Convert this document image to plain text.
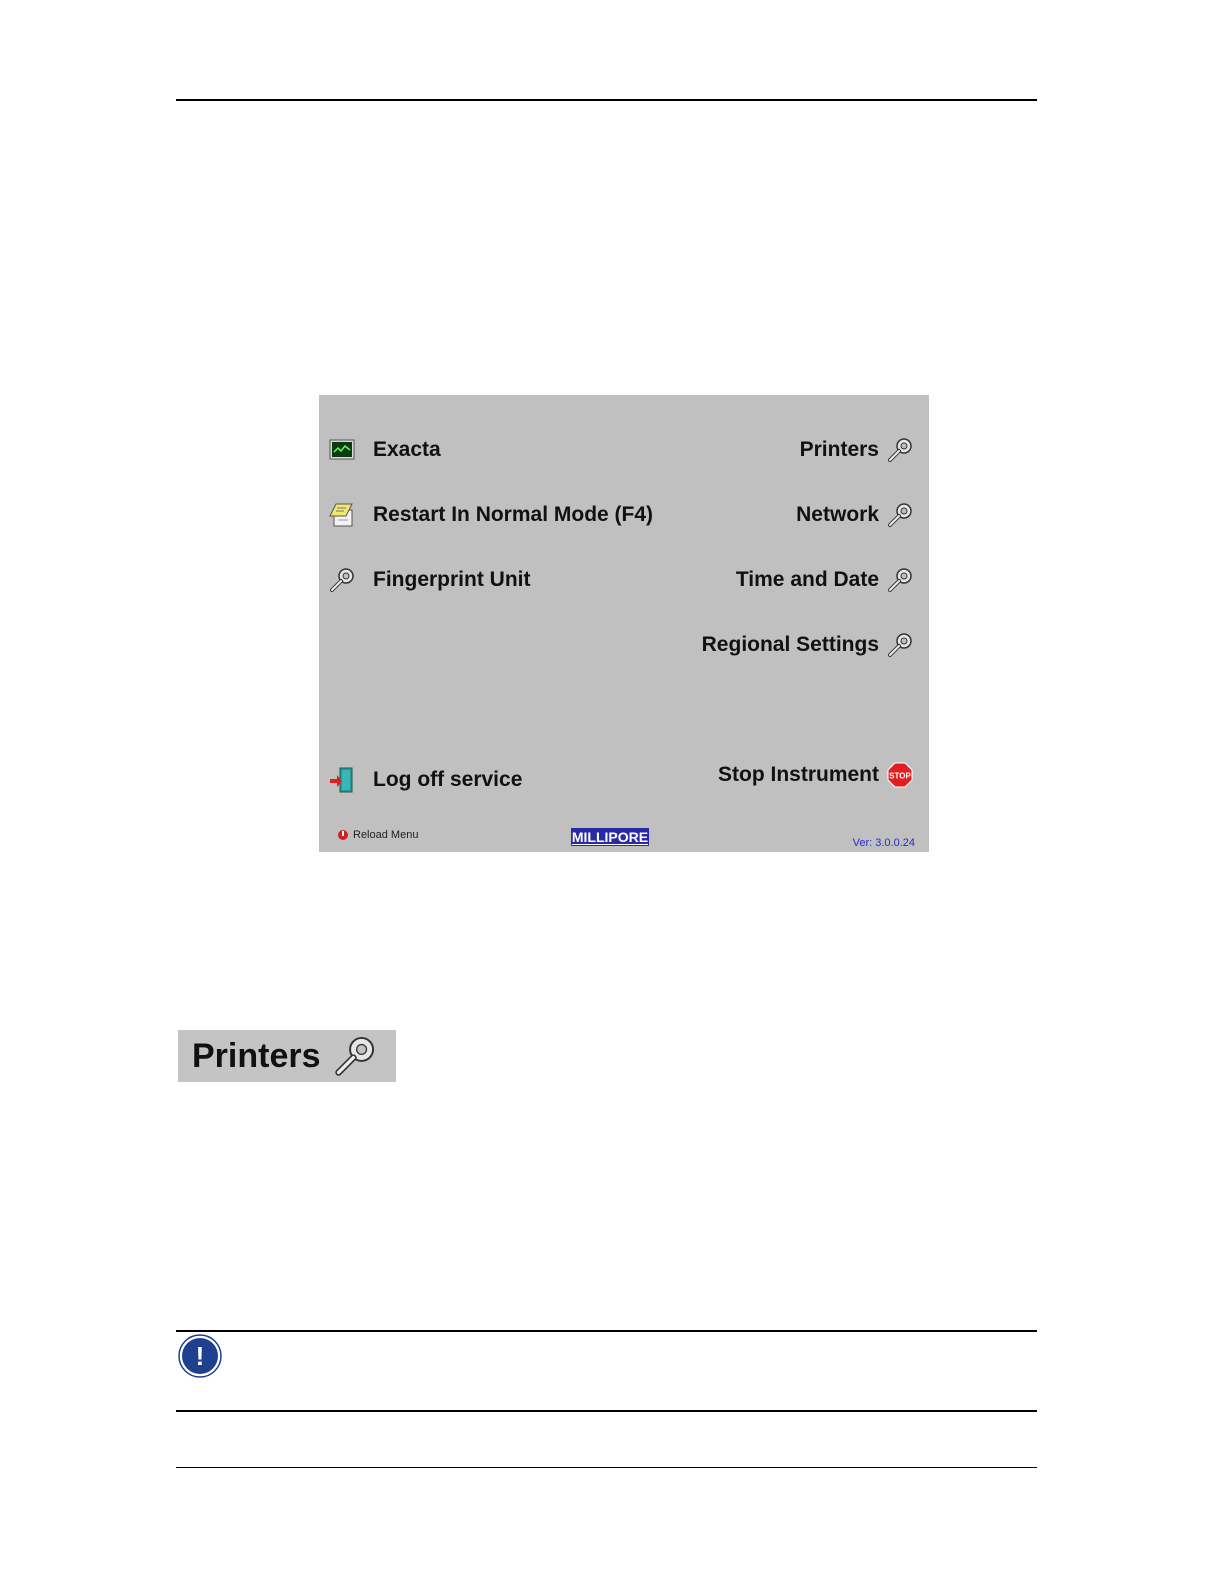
Exacta
Restart In Normal Mode (F4)
Fingerprint Unit
Log off service
Printers
Network
Time and Date
Regional Settings
Stop Instrument STOP
Reload Menu	MILLIPORE	Ver: 3.0.0.24
Printers
!
